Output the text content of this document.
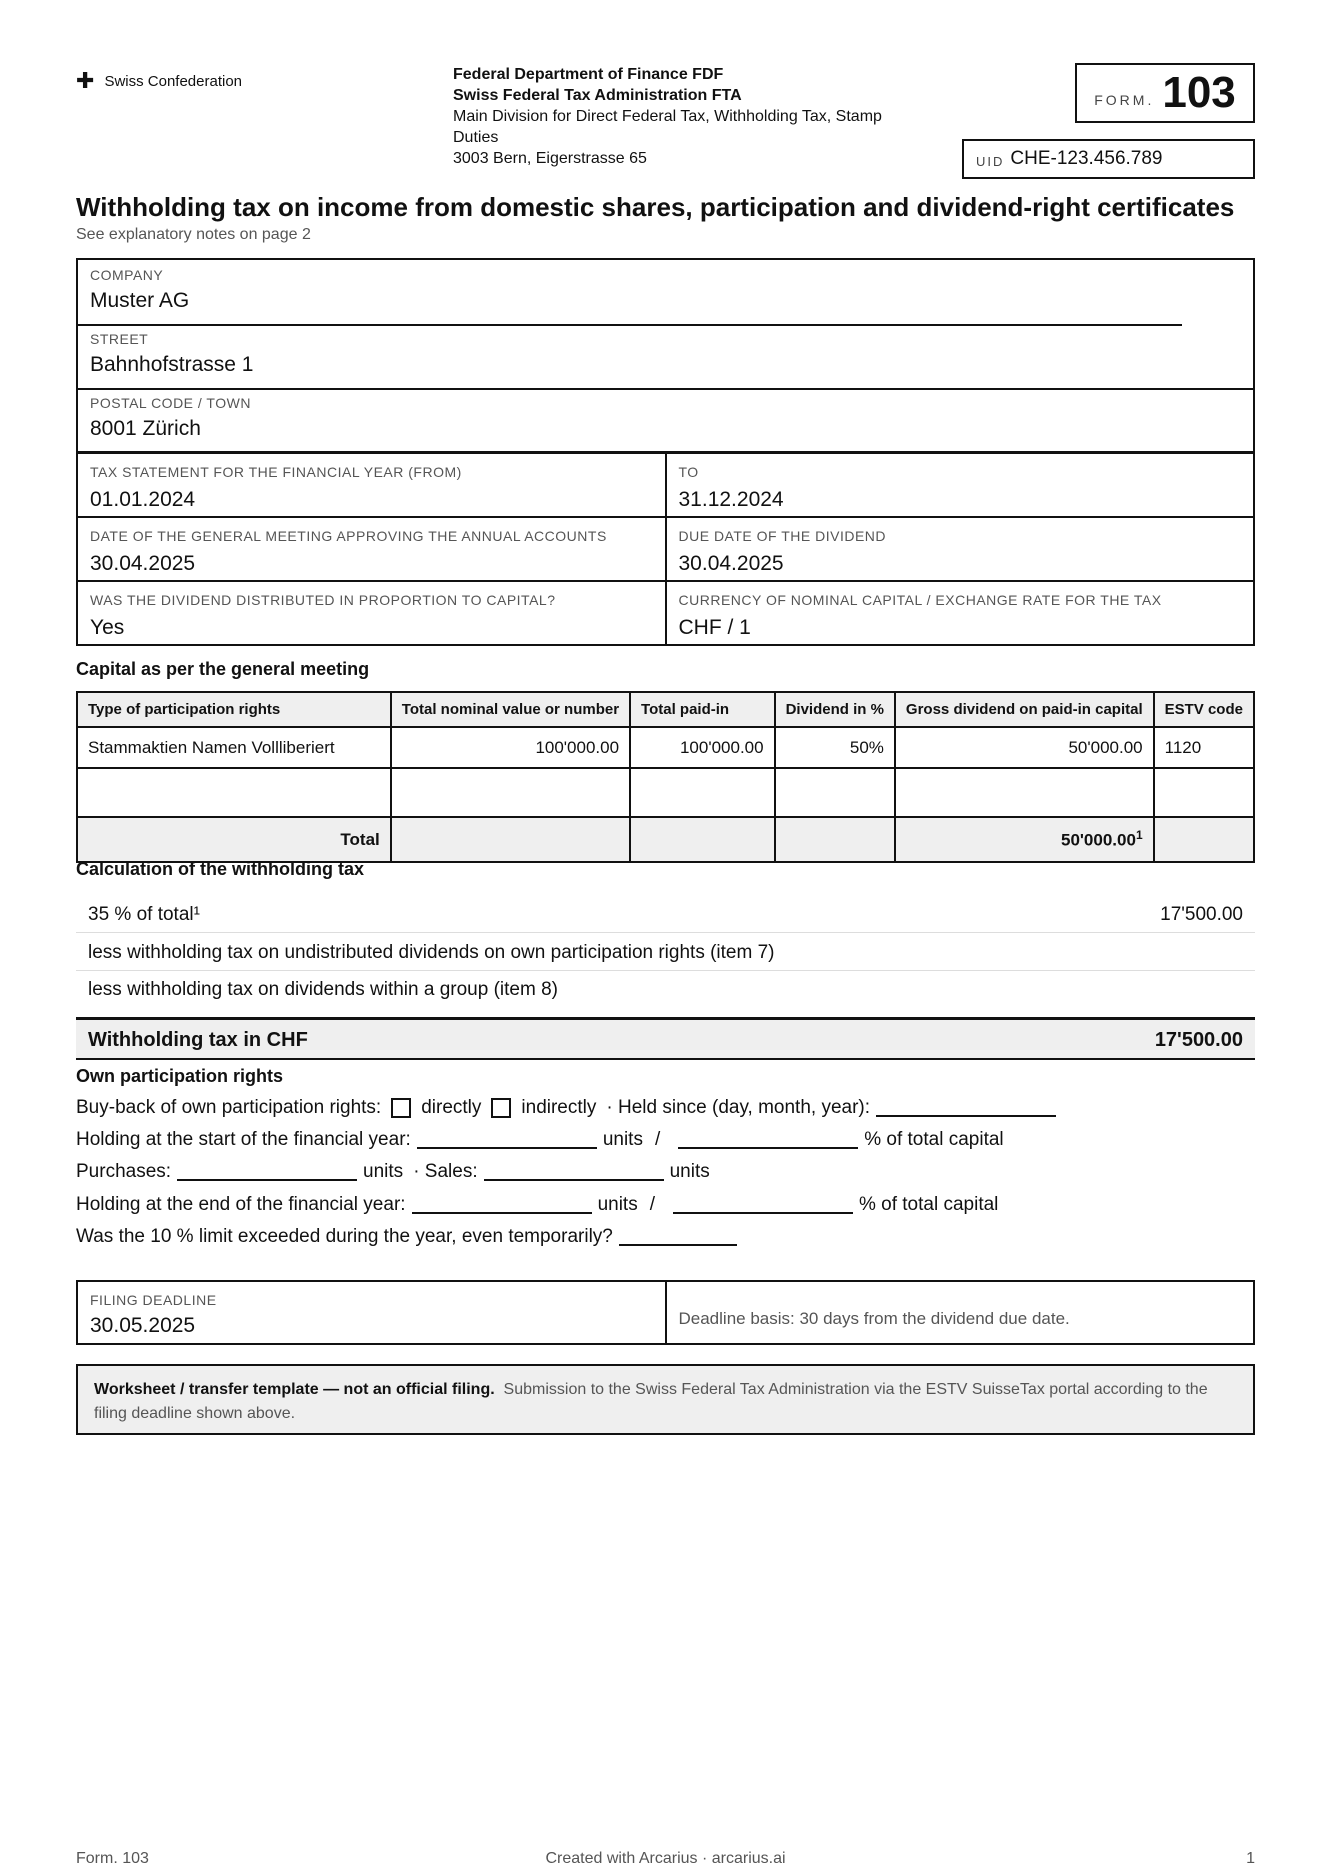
✚ Swiss Confederation	Federal Department of Finance FDF
Swiss Federal Tax Administration FTA
Main Division for Direct Federal Tax, Withholding Tax, Stamp Duties
3003 Bern, Eigerstrasse 65
FORM. 103
UID CHE-123.456.789
Withholding tax on income from domestic shares, participation and dividend-right certificates
See explanatory notes on page 2
COMPANY
Muster AG
STREET
Bahnhofstrasse 1
POSTAL CODE / TOWN
8001 Zürich
TAX STATEMENT FOR THE FINANCIAL YEAR (FROM)
01.01.2024
TO
31.12.2024
DATE OF THE GENERAL MEETING APPROVING THE ANNUAL ACCOUNTS
30.04.2025
DUE DATE OF THE DIVIDEND
30.04.2025
WAS THE DIVIDEND DISTRIBUTED IN PROPORTION TO CAPITAL?
Yes
CURRENCY OF NOMINAL CAPITAL / EXCHANGE RATE FOR THE TAX
CHF / 1
Capital as per the general meeting
Type of participation rights	Total nominal value or number	Total paid-in	Dividend in %	Gross dividend on paid-in capital	ESTV code
Stammaktien Namen Vollliberiert	100'000.00	100'000.00	50%	50'000.00	1120

Total				50'000.00$^1$	
Calculation of the withholding tax
35 % of total¹	17'500.00
less withholding tax on undistributed dividends on own participation rights (item 7)
less withholding tax on dividends within a group (item 8)
Withholding tax in CHF	17'500.00
Own participation rights
Buy-back of own participation rights: directly indirectly · Held since (day, month, year):
Holding at the start of the financial year:	units /	% of total capital
Purchases:	units · Sales:	units
Holding at the end of the financial year:	units /	% of total capital
Was the 10 % limit exceeded during the year, even temporarily?
FILING DEADLINE
30.05.2025	Deadline basis: 30 days from the dividend due date.
Worksheet / transfer template — not an official filing. Submission to the Swiss Federal Tax Administration via the ESTV SuisseTax portal according to the filing deadline shown above.
Form. 103	Created with Arcarius · arcarius.ai	1
